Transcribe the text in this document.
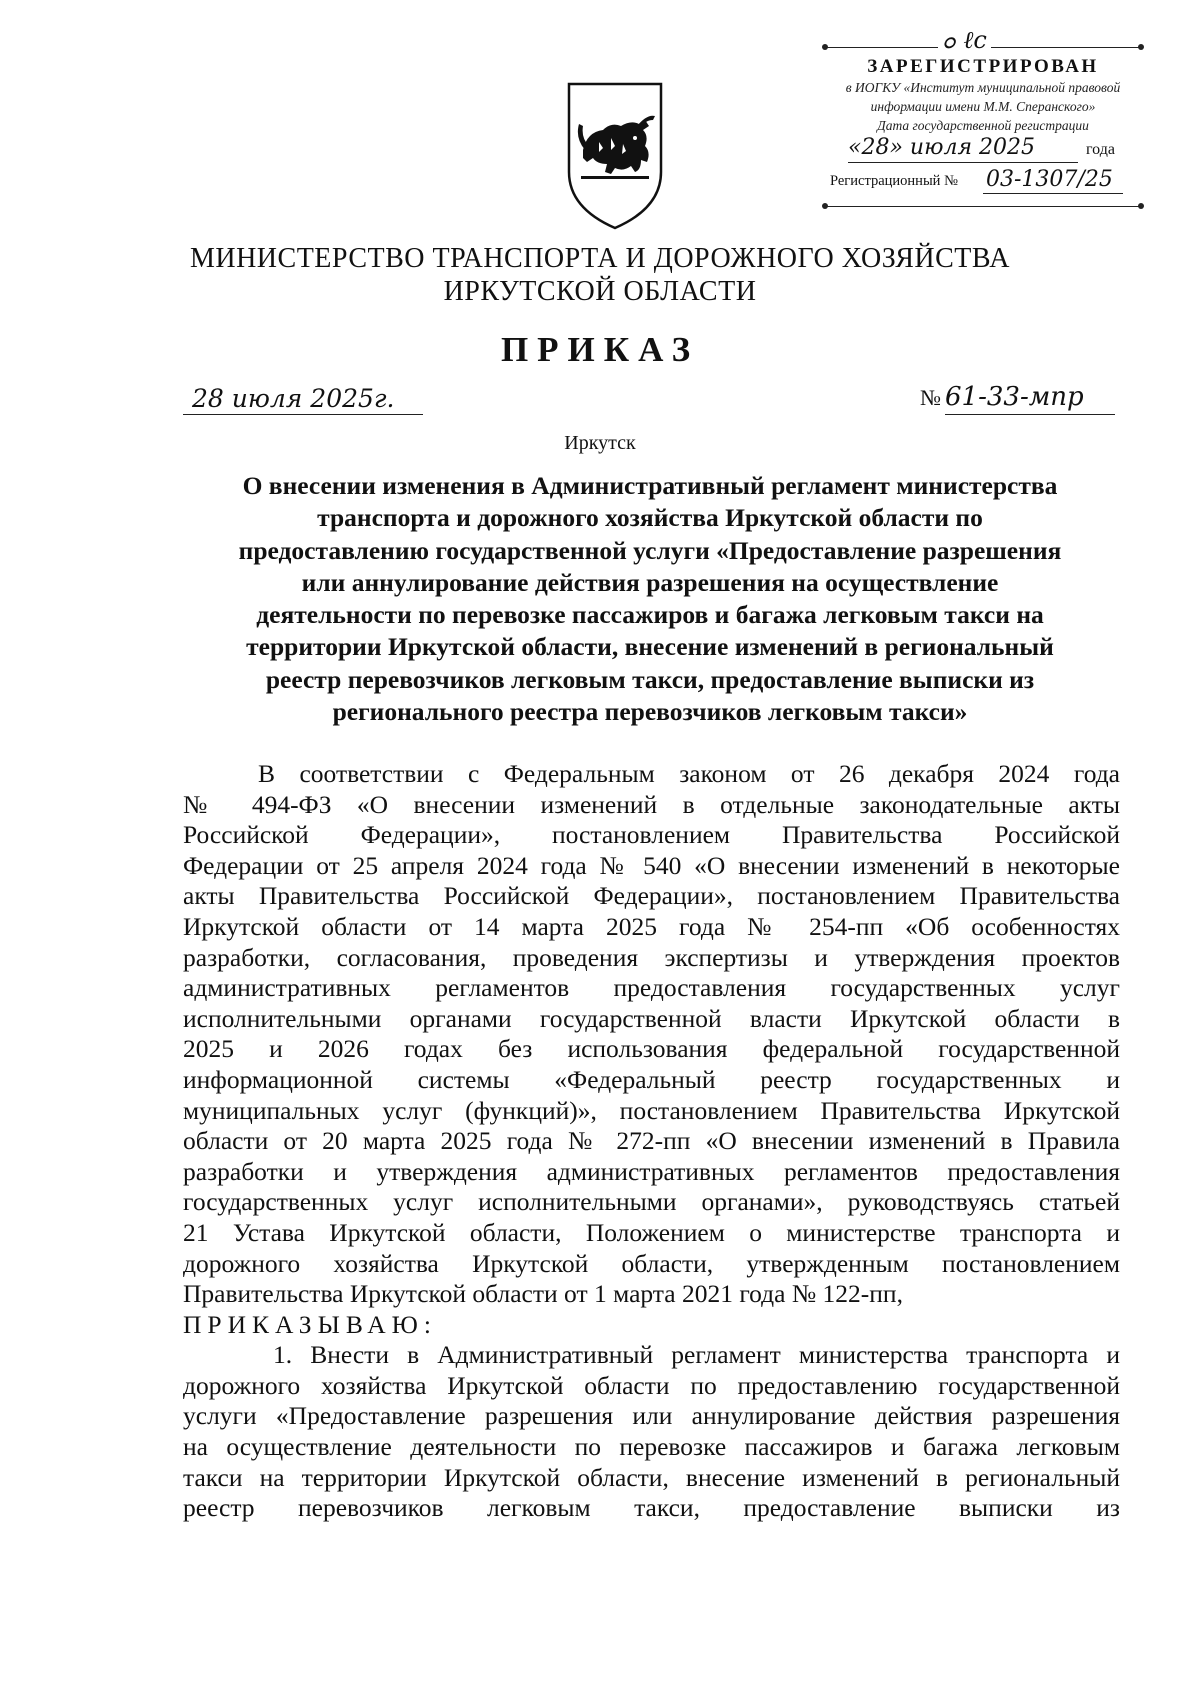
ߋ ℓс
ЗАРЕГИСТРИРОВАН
в ИОГКУ «Институт муниципальной правовой
информации имени М.М. Сперанского»
Дата государственной регистрации
«28» июля 2025	года
Регистрационный № 03-1307/25
МИНИСТЕРСТВО ТРАНСПОРТА И ДОРОЖНОГО ХОЗЯЙСТВА
ИРКУТСКОЙ ОБЛАСТИ
ПРИКАЗ
28 июля 2025г.	№ 61-33-мпр
Иркутск
О внесении изменения в Административный регламент министерства
транспорта и дорожного хозяйства Иркутской области по
предоставлению государственной услуги «Предоставление разрешения
или аннулирование действия разрешения на осуществление
деятельности по перевозке пассажиров и багажа легковым такси на
территории Иркутской области, внесение изменений в региональный
реестр перевозчиков легковым такси, предоставление выписки из
регионального реестра перевозчиков легковым такси»
В соответствии с Федеральным законом от 26 декабря 2024 года
№ 494-ФЗ «О внесении изменений в отдельные законодательные акты
Российской Федерации», постановлением Правительства Российской
Федерации от 25 апреля 2024 года № 540 «О внесении изменений в некоторые
акты Правительства Российской Федерации», постановлением Правительства
Иркутской области от 14 марта 2025 года № 254-пп «Об особенностях
разработки, согласования, проведения экспертизы и утверждения проектов
административных регламентов предоставления государственных услуг
исполнительными органами государственной власти Иркутской области в
2025 и 2026 годах без использования федеральной государственной
информационной системы «Федеральный реестр государственных и
муниципальных услуг (функций)», постановлением Правительства Иркутской
области от 20 марта 2025 года № 272-пп «О внесении изменений в Правила
разработки и утверждения административных регламентов предоставления
государственных услуг исполнительными органами», руководствуясь статьей
21 Устава Иркутской области, Положением о министерстве транспорта и
дорожного хозяйства Иркутской области, утвержденным постановлением
Правительства Иркутской области от 1 марта 2021 года № 122-пп,
ПРИКАЗЫВАЮ:
1. Внести в Административный регламент министерства транспорта и
дорожного хозяйства Иркутской области по предоставлению государственной
услуги «Предоставление разрешения или аннулирование действия разрешения
на осуществление деятельности по перевозке пассажиров и багажа легковым
такси на территории Иркутской области, внесение изменений в региональный
реестр перевозчиков легковым такси, предоставление выписки из
